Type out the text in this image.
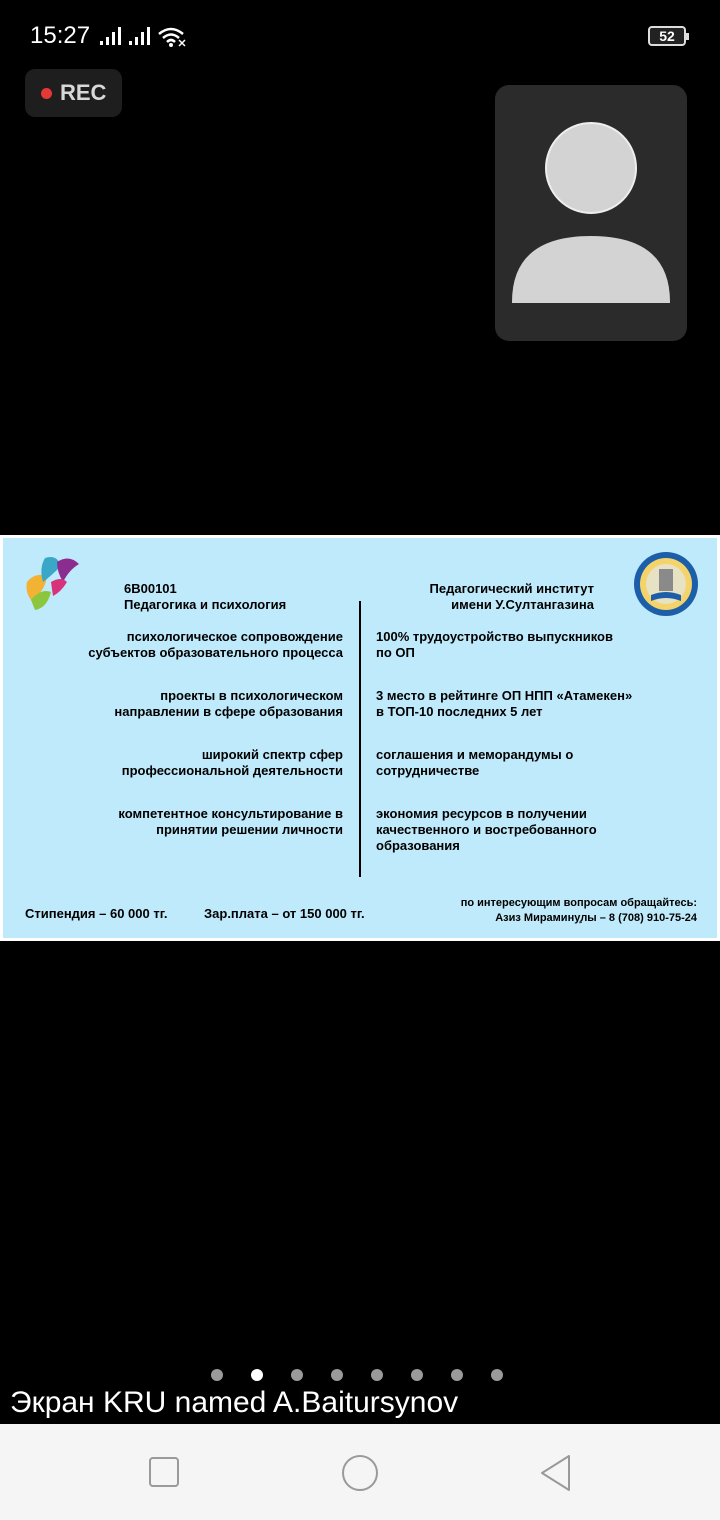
15:27	52
REC
6B00101
Педагогика и психология
Педагогический институт
имени У.Султангазина
психологическое сопровождение
субъектов образовательного процесса
проекты в психологическом
направлении в сфере образования
широкий спектр сфер
профессиональной деятельности
компетентное консультирование в
принятии решении личности
100% трудоустройство выпускников
по ОП
3 место в рейтинге ОП НПП «Атамекен»
в ТОП-10 последних 5 лет
соглашения и меморандумы о
сотрудничестве
экономия ресурсов в получении
качественного и востребованного
образования
Стипендия – 60 000 тг.	Зар.плата – от 150 000 тг.
по интересующим вопросам обращайтесь:
Азиз Мирамину̧лы – 8 (708) 910-75-24
Экран KRU named A.Baitursynov
